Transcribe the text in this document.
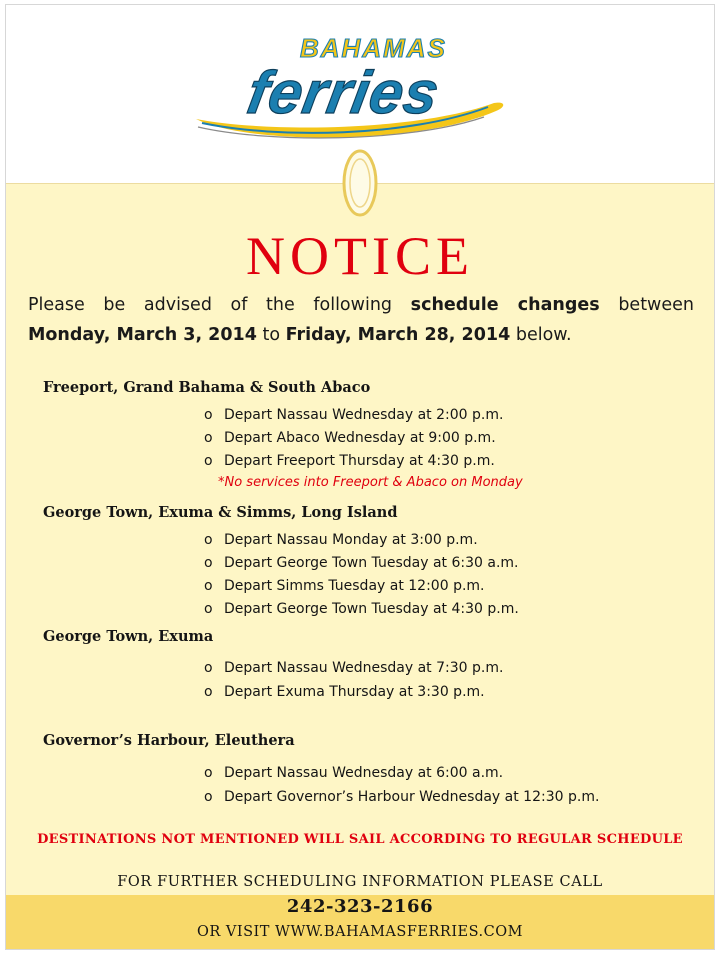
BAHAMAS
ferries
NOTICE

Please be advised of the following schedule changes between

Monday, March 3, 2014 to Friday, March 28, 2014 below.

Freeport, Grand Bahama & South Abaco
o Depart Nassau Wednesday at 2:00 p.m.
o Depart Abaco Wednesday at 9:00 p.m.
o Depart Freeport Thursday at 4:30 p.m.
*No services into Freeport & Abaco on Monday
George Town, Exuma & Simms, Long Island
o Depart Nassau Monday at 3:00 p.m.
o Depart George Town Tuesday at 6:30 a.m.
o Depart Simms Tuesday at 12:00 p.m.
o Depart George Town Tuesday at 4:30 p.m.
George Town, Exuma
o Depart Nassau Wednesday at 7:30 p.m.
o Depart Exuma Thursday at 3:30 p.m.
Governor’s Harbour, Eleuthera
o Depart Nassau Wednesday at 6:00 a.m.
o Depart Governor’s Harbour Wednesday at 12:30 p.m.
DESTINATIONS NOT MENTIONED WILL SAIL ACCORDING TO REGULAR SCHEDULE
FOR FURTHER SCHEDULING INFORMATION PLEASE CALL
242-323-2166
OR VISIT WWW.BAHAMASFERRIES.COM
